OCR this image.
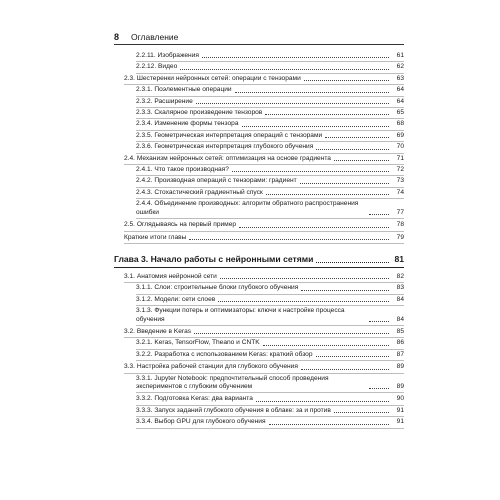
8 Оглавление
2.2.11. Изображения	61
2.2.12. Видео	62
2.3. Шестеренки нейронных сетей: операции с тензорами	63
2.3.1. Поэлементные операции	64
2.3.2. Расширение	64
2.3.3. Скалярное произведение тензоров	65
2.3.4. Изменение формы тензора	68
2.3.5. Геометрическая интерпретация операций с тензорами	69
2.3.6. Геометрическая интерпретация глубокого обучения	70
2.4. Механизм нейронных сетей: оптимизация на основе градиента	71
2.4.1. Что такое производная?	72
2.4.2. Производная операций с тензорами: градиент	73
2.4.3. Стохастический градиентный спуск	74
2.4.4. Объединение производных: алгоритм обратного распространения ошибки	77
2.5. Оглядываясь на первый пример	78
Краткие итоги главы	79
Глава 3. Начало работы с нейронными сетями	81
3.1. Анатомия нейронной сети	82
3.1.1. Слои: строительные блоки глубокого обучения	83
3.1.2. Модели: сети слоев	84
3.1.3. Функции потерь и оптимизаторы: ключи к настройке процесса обучения	84
3.2. Введение в Keras	85
3.2.1. Keras, TensorFlow, Theano и CNTK	86
3.2.2. Разработка с использованием Keras: краткий обзор	87
3.3. Настройка рабочей станции для глубокого обучения	89
3.3.1. Jupyter Notebook: предпочтительный способ проведения экспериментов с глубоким обучением	89
3.3.2. Подготовка Keras: два варианта	90
3.3.3. Запуск заданий глубокого обучения в облаке: за и против	91
3.3.4. Выбор GPU для глубокого обучения	91
